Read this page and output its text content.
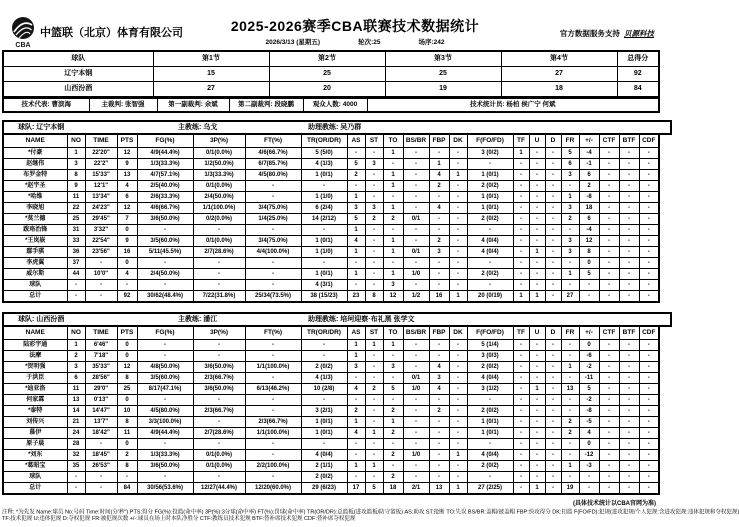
CBA
中篮联（北京）体育有限公司	2025-2026赛季CBA联赛技术数据统计
2026/3/13 (星期五)	轮次:25	场序:242
官方数据服务支持 贝源科技
球队	第1节	第2节	第3节	第4节	总得分
辽宁本钢	15	25	25	27	92
山西汾酒	27	20	19	18	84
技术代表: 曹滨海	主裁判: 张智强	第一副裁判: 余斌	第二副裁判: 段晓鹏	观众人数: 4000	技术统计员: 杨柏 侯广宁 何斌
球队: 辽宁本钢	主教练: 乌戈	助理教练: 吴乃群
NAME	NO	TIME	PTS	FG(%)	3P(%)	FT(%)	TR(OR/DR)	AS	ST	TO	BS/BR	FBP	DK	F(FO/FD)	TF	U	D	FR	+/-	CTF	BTF	CDF
*付豪	1	22'20"	12	4/9(44.4%)	0/1(0.0%)	4/6(66.7%)	5 (5/0)	-	-	1	-	-	-	3 (0/2)	1	-	-	5	-4	-	-	-
赵继伟	3	22'2"	9	1/3(33.3%)	1/2(50.0%)	6/7(85.7%)	4 (1/3)	5	3	-	-	1	-	-	-	-	-	6	-1	-	-	-
布罗金特	8	15'33"	13	4/7(57.1%)	1/3(33.3%)	4/5(80.0%)	1 (0/1)	2	-	1	-	4	1	1 (0/1)	-	-	-	3	6	-	-	-
*赵宇圣	9	12'1"	4	2/5(40.0%)	0/1(0.0%)	-	-	-	-	1	-	2	-	2 (0/2)	-	-	-	-	2	-	-	-
*哈维	11	13'34"	6	2/6(33.3%)	2/4(50.0%)	-	1 (1/0)	1	-	-	-	-	-	1 (0/1)	-	-	-	1	-8	-	-	-
李晓旭	22	24'23"	12	4/6(66.7%)	1/1(100.0%)	3/4(75.0%)	6 (2/4)	3	3	1	-	4	-	1 (0/1)	-	-	-	3	18	-	-	-
*莫兰德	25	29'45"	7	3/6(50.0%)	0/2(0.0%)	1/4(25.0%)	14 (2/12)	5	2	2	0/1	-	-	2 (0/2)	-	-	-	2	6	-	-	-
跋珞治锋	31	3'32"	0	-	-	-	-	1	-	-	-	-	-	-	-	-	-	-	-4	-	-	-
*王岚嵚	33	22'54"	9	3/5(60.0%)	0/1(0.0%)	3/4(75.0%)	1 (0/1)	4	-	1	-	2	-	4 (0/4)	-	-	-	3	12	-	-	-
鄢手骐	36	23'56"	16	5/11(45.5%)	2/7(28.6%)	4/4(100.0%)	1 (1/0)	1	-	1	0/1	3	-	4 (0/4)	-	1	-	3	8	-	-	-
李虎翼	37	-	0	-	-	-	-	-	-	-	-	-	-	-	-	-	-	-	0	-	-	-
威尔斯	44	10'0"	4	2/4(50.0%)	-	-	1 (0/1)	1	-	1	1/0	-	-	2 (0/2)	-	-	-	1	5	-	-	-
球队	-	-	-	-	-	-	4 (3/1)	-	-	3	-	-	-	-	-	-	-	-	-	-	-	-
总计	-	-	92	30/62(48.4%)	7/22(31.8%)	25/34(73.5%)	38 (15/23)	23	8	12	1/2	16	1	20 (0/19)	1	1	-	27	-	-	-	-
球队: 山西汾酒	主教练: 潘江	助理教练: 培珂迎察·布礼黑 张学文
NAME	NO	TIME	PTS	FG(%)	3P(%)	FT(%)	TR(OR/DR)	AS	ST	TO	BS/BR	FBP	DK	F(FO/FD)	TF	U	D	FR	+/-	CTF	BTF	CDF
陆彩宇通	1	6'46"	0	-	-	-	-	1	1	1	-	-	-	5 (1/4)	-	-	-	-	0	-	-	-
法摩	2	7'18"	0	-	-	-	-	1	-	-	-	-	-	3 (0/3)	-	-	-	-	-6	-	-	-
*贺明强	3	35'33"	12	4/8(50.0%)	3/6(50.0%)	1/1(100.0%)	2 (0/2)	3	-	3	-	4	-	2 (0/2)	-	-	-	1	-2	-	-	-
于洪臣	6	28'56"	8	3/5(60.0%)	2/3(66.7%)	-	4 (1/3)	-	-	-	0/1	3	-	4 (0/4)	-	-	-	-	-11	-	-	-
*迪亚洛	11	29'0"	25	8/17(47.1%)	3/6(50.0%)	6/13(46.2%)	10 (2/8)	4	2	5	1/0	4	-	3 (1/2)	-	1	-	13	5	-	-	-
何家霖	13	0'13"	0	-	-	-	-	-	-	-	-	-	-	-	-	-	-	-	-2	-	-	-
*泰特	14	14'47"	10	4/5(80.0%)	2/3(66.7%)	-	3 (2/1)	2	-	2	-	2	-	2 (0/2)	-	-	-	-	-8	-	-	-
刘传兴	21	13'7"	8	3/3(100.0%)	-	2/3(66.7%)	1 (0/1)	1	-	1	-	-	-	1 (0/1)	-	-	-	2	-5	-	-	-
慕伊	24	18'42"	11	4/9(44.4%)	2/7(28.6%)	1/1(100.0%)	1 (0/1)	4	1	2	-	-	-	1 (0/1)	-	-	-	2	4	-	-	-
原子晨	28	-	0	-	-	-	-	-	-	-	-	-	-	-	-	-	-	-	0	-	-	-
*刘东	32	18'45"	2	1/3(33.3%)	0/1(0.0%)	-	4 (0/4)	-	-	2	1/0	-	1	4 (0/4)	-	-	-	-	-12	-	-	-
*葛昭宝	35	26'53"	8	3/6(50.0%)	0/1(0.0%)	2/2(100.0%)	2 (1/1)	1	1	-	-	-	-	2 (0/2)	-	-	-	1	-3	-	-	-
球队	-	-	-	-	-	-	2 (0/2)	-	-	2	-	-	-	-	-	-	-	-	-	-	-	-
总计	-	-	84	30/56(53.6%)	12/27(44.4%)	12/20(60.0%)	29 (6/23)	17	5	18	2/1	13	1	27 (2/25)	-	1	-	19	-	-	-	-
(具体技术统计以CBA官网为准)
注释: *为先发 Name:球员 No:号码 Time:时间(分'秒") PTS:得分 FG(%):投篮(命中率) 3P(%):3分球(命中率) FT(%):罚球(命中率) TR(OR/DR):总篮板(进攻篮板/防守篮板) AS:助攻 ST:抢断 TO:失误 BS/BR:盖帽/被盖帽 FBP:快攻得分 DK:扣篮 F(FO/FD):犯规(进攻犯规/个人犯规:含进攻犯规:违体犯规和夺权犯规)
TF:技术犯规 U:违体犯规 D:夺权犯规 FR:被犯规次数 +/-:球员在场上时本队净胜分 CTF:教练员技术犯规 BTF:替补席技术犯规 CDF:替补席夺权犯规
